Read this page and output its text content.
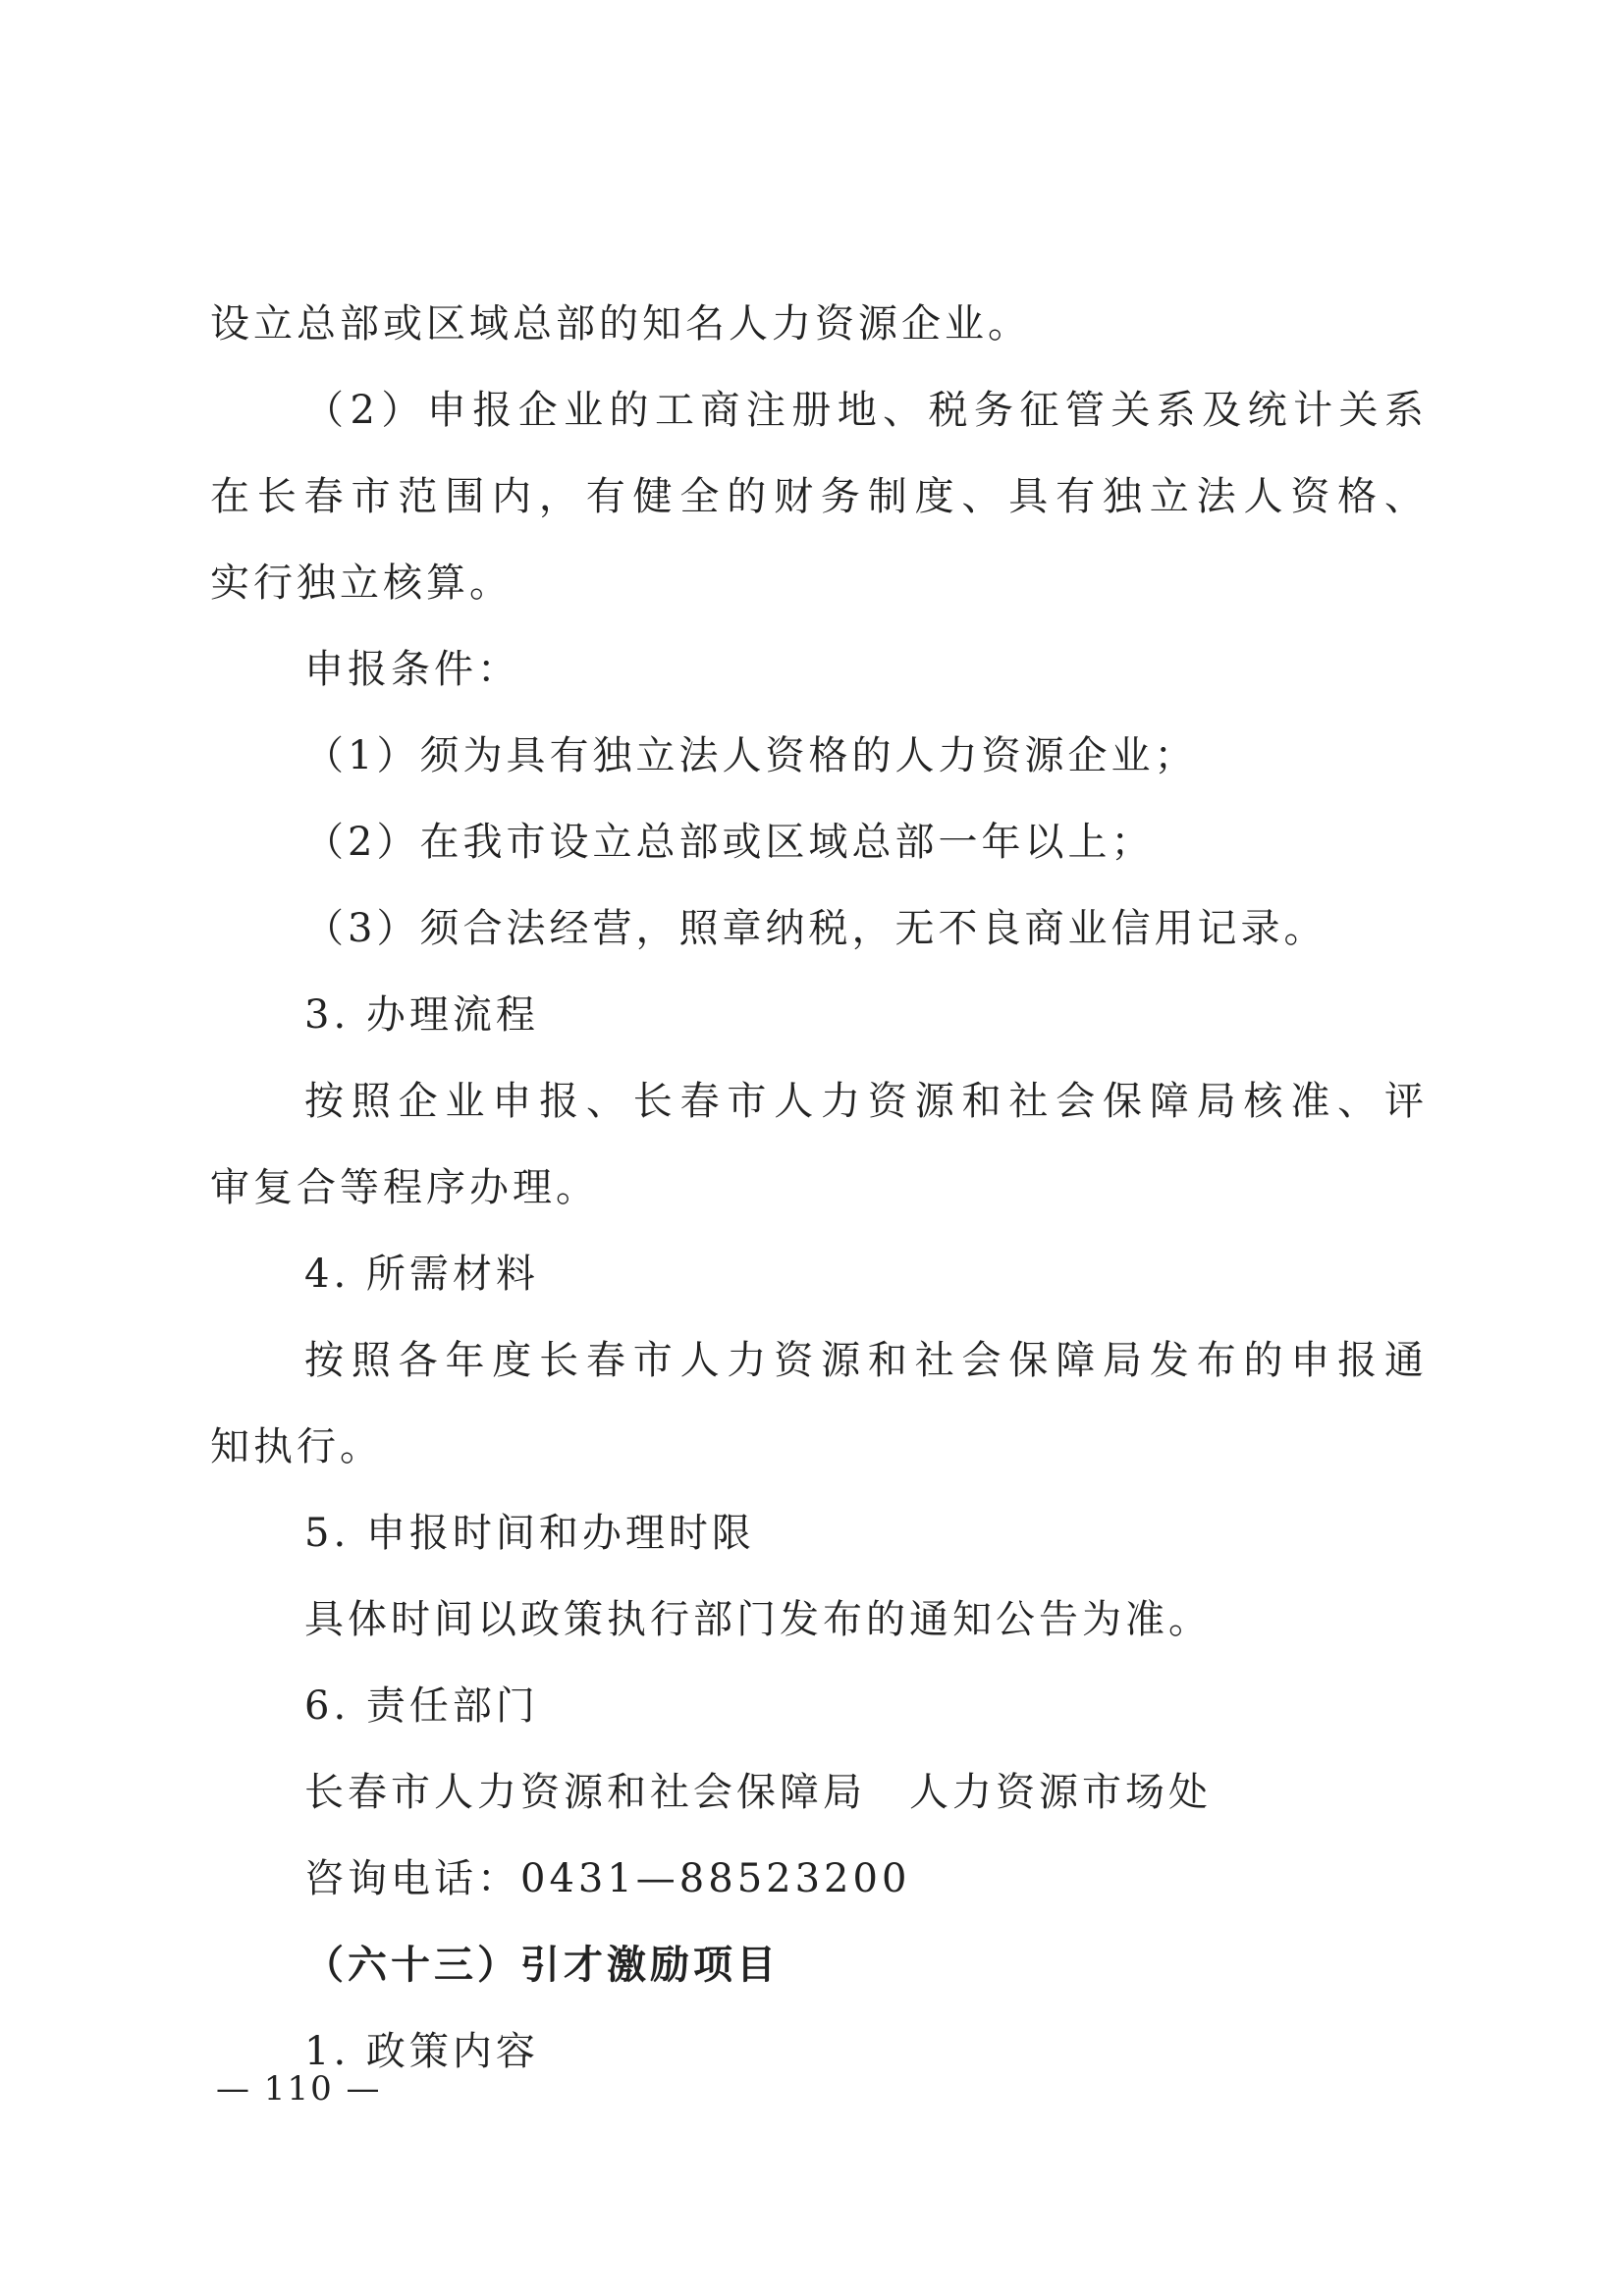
设立总部或区域总部的知名人力资源企业。
（2）申报企业的工商注册地、税务征管关系及统计关系
在长春市范围内，有健全的财务制度、具有独立法人资格、
实行独立核算。
申报条件：
（1）须为具有独立法人资格的人力资源企业；
（2）在我市设立总部或区域总部一年以上；
（3）须合法经营，照章纳税，无不良商业信用记录。
3. 办理流程
按照企业申报、长春市人力资源和社会保障局核准、评
审复合等程序办理。
4. 所需材料
按照各年度长春市人力资源和社会保障局发布的申报通
知执行。
5. 申报时间和办理时限
具体时间以政策执行部门发布的通知公告为准。
6. 责任部门
长春市人力资源和社会保障局　人力资源市场处
咨询电话：0431—88523200
（六十三）引才激励项目
1. 政策内容
— 110 —
